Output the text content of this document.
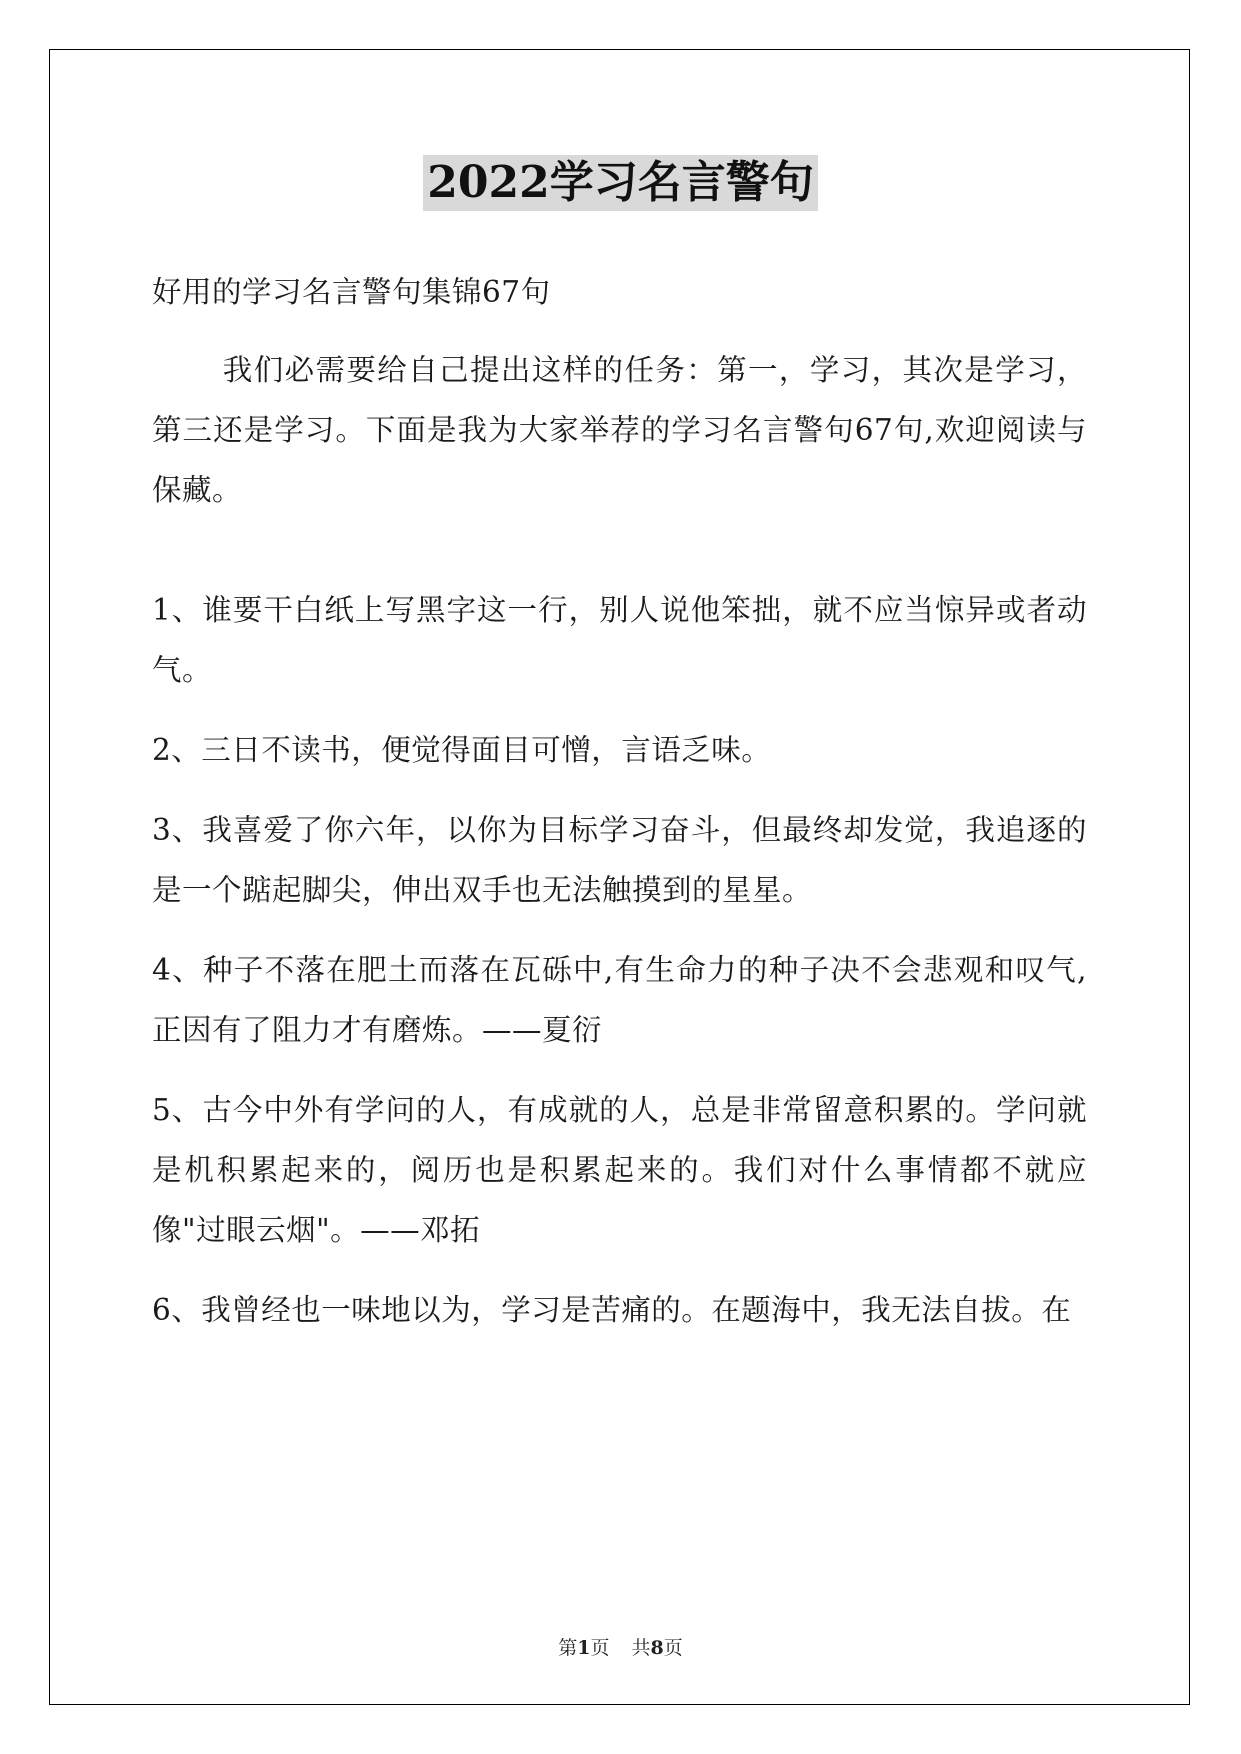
2022学习名言警句

好用的学习名言警句集锦67句

我们必需要给自己提出这样的任务：第一，学习，其次是学习，第三还是学习。下面是我为大家举荐的学习名言警句67句,欢迎阅读与保藏。

1、谁要干白纸上写黑字这一行，别人说他笨拙，就不应当惊异或者动气。

2、三日不读书，便觉得面目可憎，言语乏味。

3、我喜爱了你六年，以你为目标学习奋斗，但最终却发觉，我追逐的是一个踮起脚尖，伸出双手也无法触摸到的星星。

4、种子不落在肥土而落在瓦砾中,有生命力的种子决不会悲观和叹气,正因有了阻力才有磨炼。——夏衍

5、古今中外有学问的人，有成就的人，总是非常留意积累的。学问就是机积累起来的，阅历也是积累起来的。我们对什么事情都不就应像"过眼云烟"。——邓拓

6、我曾经也一味地以为，学习是苦痛的。在题海中，我无法自拔。在

第1页 共8页
